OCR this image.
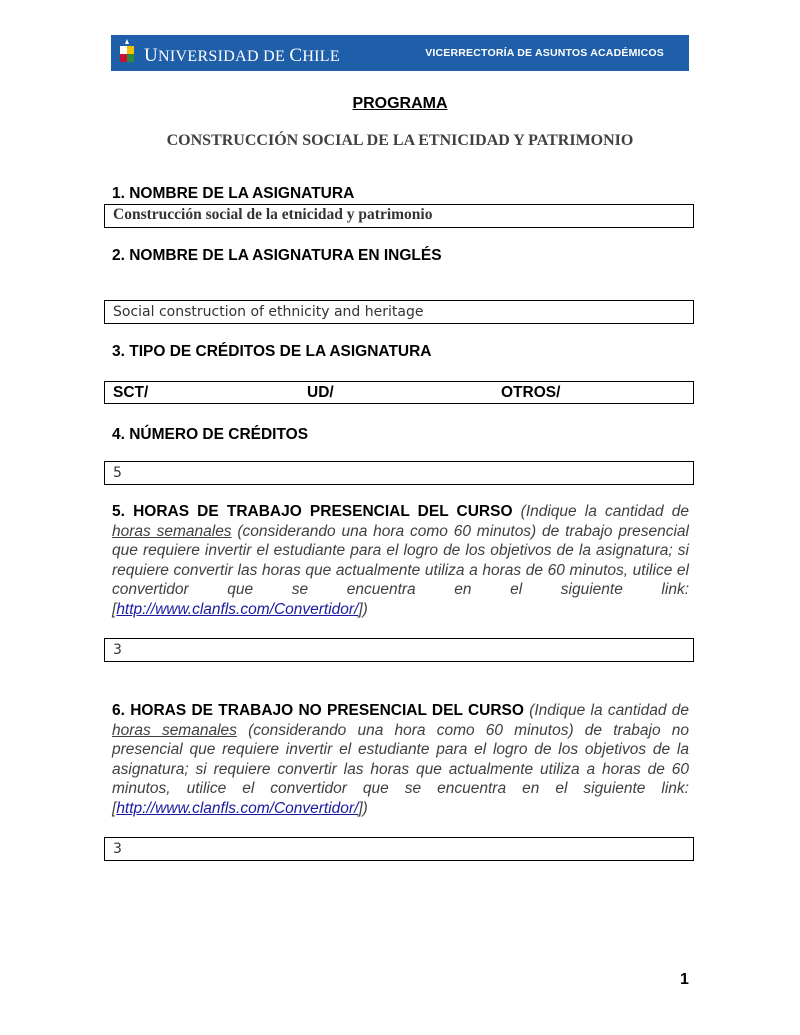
UNIVERSIDAD DE CHILE	VICERRECTORÍA DE ASUNTOS ACADÉMICOS
PROGRAMA
CONSTRUCCIÓN SOCIAL DE LA ETNICIDAD Y PATRIMONIO
1. NOMBRE DE LA ASIGNATURA
Construcción social de la etnicidad y patrimonio
2. NOMBRE DE LA ASIGNATURA EN INGLÉS
Social construction of ethnicity and heritage
3. TIPO DE CRÉDITOS DE LA ASIGNATURA
SCT/	UD/	OTROS/
4. NÚMERO DE CRÉDITOS
5
5. HORAS DE TRABAJO PRESENCIAL DEL CURSO (Indique la cantidad de horas semanales (considerando una hora como 60 minutos) de trabajo presencial que requiere invertir el estudiante para el logro de los objetivos de la asignatura; si requiere convertir las horas que actualmente utiliza a horas de 60 minutos, utilice el convertidor que se encuentra en el siguiente link: [http://www.clanfls.com/Convertidor/])
3
6. HORAS DE TRABAJO NO PRESENCIAL DEL CURSO (Indique la cantidad de horas semanales (considerando una hora como 60 minutos) de trabajo no presencial que requiere invertir el estudiante para el logro de los objetivos de la asignatura; si requiere convertir las horas que actualmente utiliza a horas de 60 minutos, utilice el convertidor que se encuentra en el siguiente link: [http://www.clanfls.com/Convertidor/])
3
1
